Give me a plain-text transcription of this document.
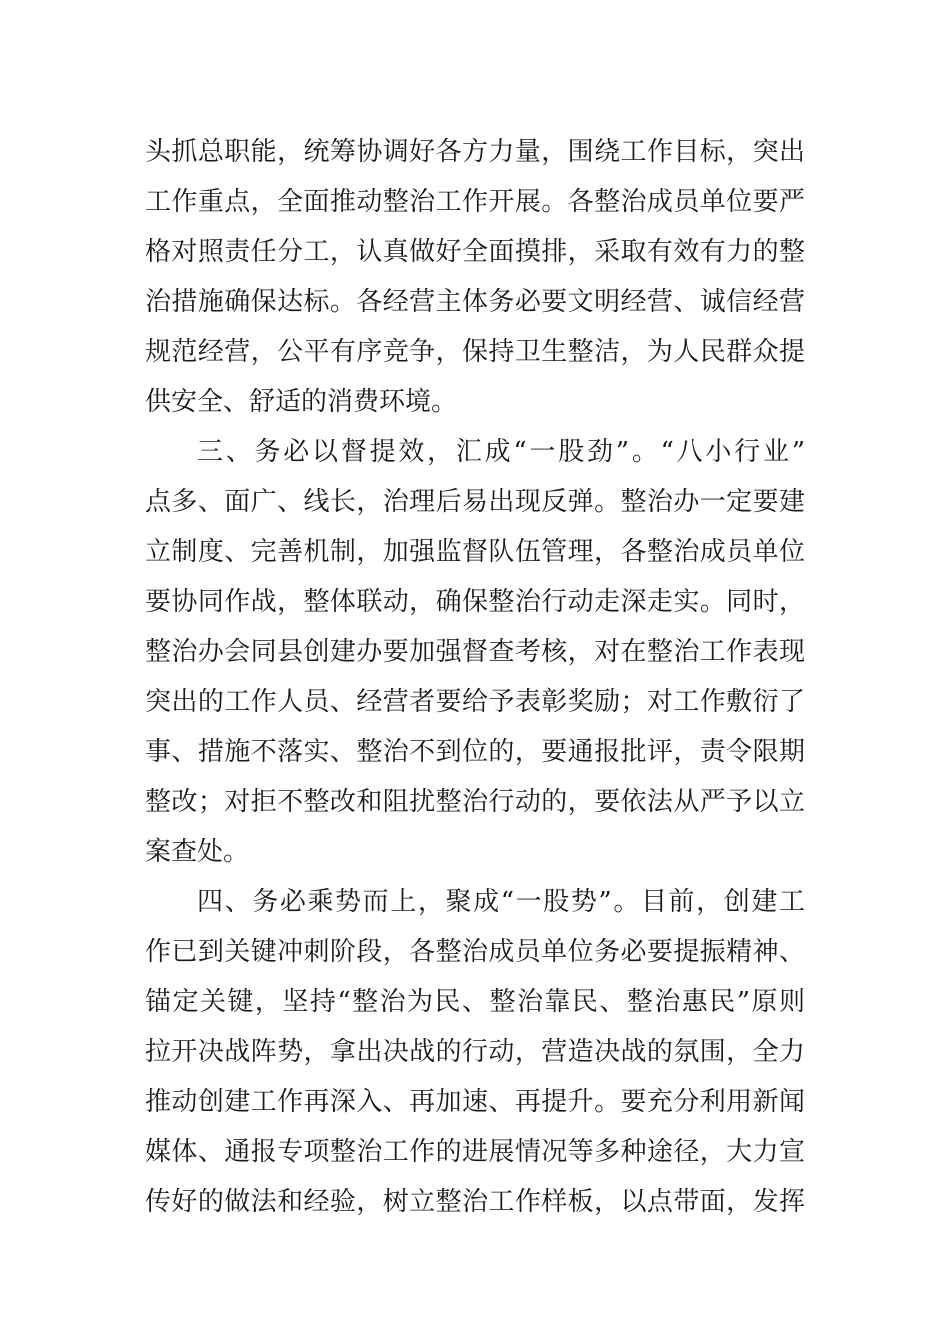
头抓总职能，统筹协调好各方力量，围绕工作目标，突出
工作重点，全面推动整治工作开展。各整治成员单位要严
格对照责任分工，认真做好全面摸排，采取有效有力的整
治措施确保达标。各经营主体务必要文明经营、诚信经营
规范经营，公平有序竞争，保持卫生整洁，为人民群众提
供安全、舒适的消费环境。
三、务必以督提效，汇成“一股劲”。“八小行业”
点多、面广、线长，治理后易出现反弹。整治办一定要建
立制度、完善机制，加强监督队伍管理，各整治成员单位
要协同作战，整体联动，确保整治行动走深走实。同时，
整治办会同县创建办要加强督查考核，对在整治工作表现
突出的工作人员、经营者要给予表彰奖励；对工作敷衍了
事、措施不落实、整治不到位的，要通报批评，责令限期
整改；对拒不整改和阻扰整治行动的，要依法从严予以立
案查处。
四、务必乘势而上，聚成“一股势”。目前，创建工
作已到关键冲刺阶段，各整治成员单位务必要提振精神、
锚定关键，坚持“整治为民、整治靠民、整治惠民”原则
拉开决战阵势，拿出决战的行动，营造决战的氛围，全力
推动创建工作再深入、再加速、再提升。要充分利用新闻
媒体、通报专项整治工作的进展情况等多种途径，大力宣
传好的做法和经验，树立整治工作样板，以点带面，发挥
